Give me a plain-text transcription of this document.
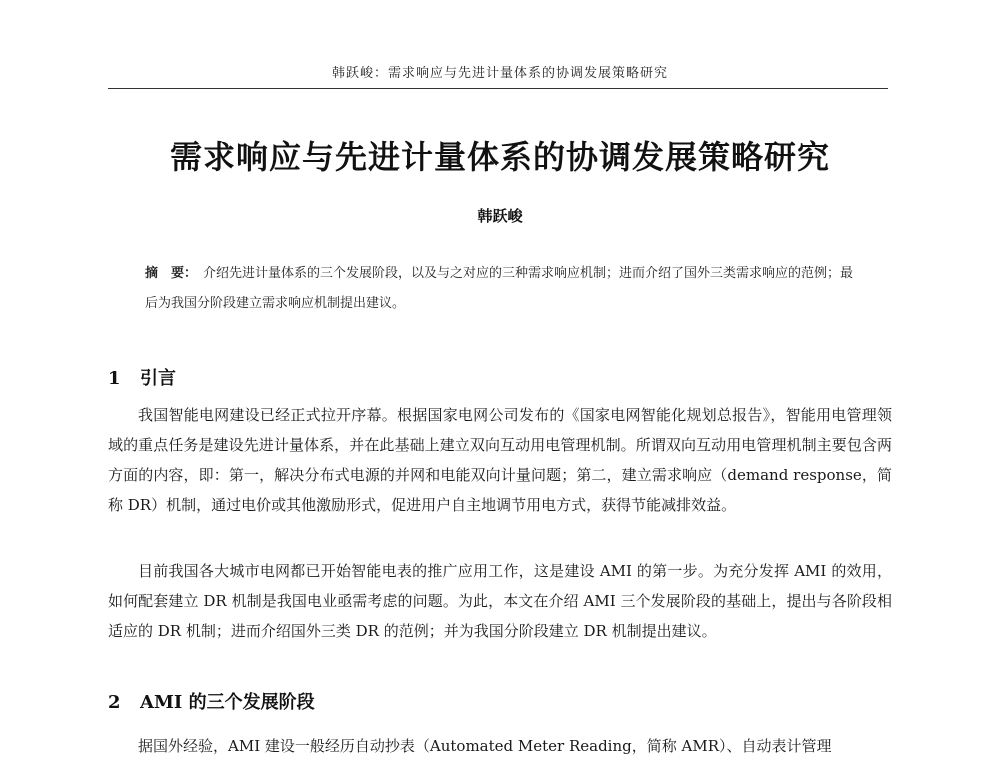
韩跃峻：需求响应与先进计量体系的协调发展策略研究
需求响应与先进计量体系的协调发展策略研究
韩跃峻
摘　要： 介绍先进计量体系的三个发展阶段，以及与之对应的三种需求响应机制；进而介绍了国外三类需求响应的范例；最后为我国分阶段建立需求响应机制提出建议。
1 引言
我国智能电网建设已经正式拉开序幕。根据国家电网公司发布的《国家电网智能化规划总报告》，智能用电管理领域的重点任务是建设先进计量体系，并在此基础上建立双向互动用电管理机制。所谓双向互动用电管理机制主要包含两方面的内容，即：第一，解决分布式电源的并网和电能双向计量问题；第二，建立需求响应（demand response，简称 DR）机制，通过电价或其他激励形式，促进用户自主地调节用电方式，获得节能减排效益。
目前我国各大城市电网都已开始智能电表的推广应用工作，这是建设 AMI 的第一步。为充分发挥 AMI 的效用，如何配套建立 DR 机制是我国电业亟需考虑的问题。为此，本文在介绍 AMI 三个发展阶段的基础上，提出与各阶段相适应的 DR 机制；进而介绍国外三类 DR 的范例；并为我国分阶段建立 DR 机制提出建议。
2 AMI 的三个发展阶段
据国外经验，AMI 建设一般经历自动抄表（Automated Meter Reading，简称 AMR）、自动表计管理
